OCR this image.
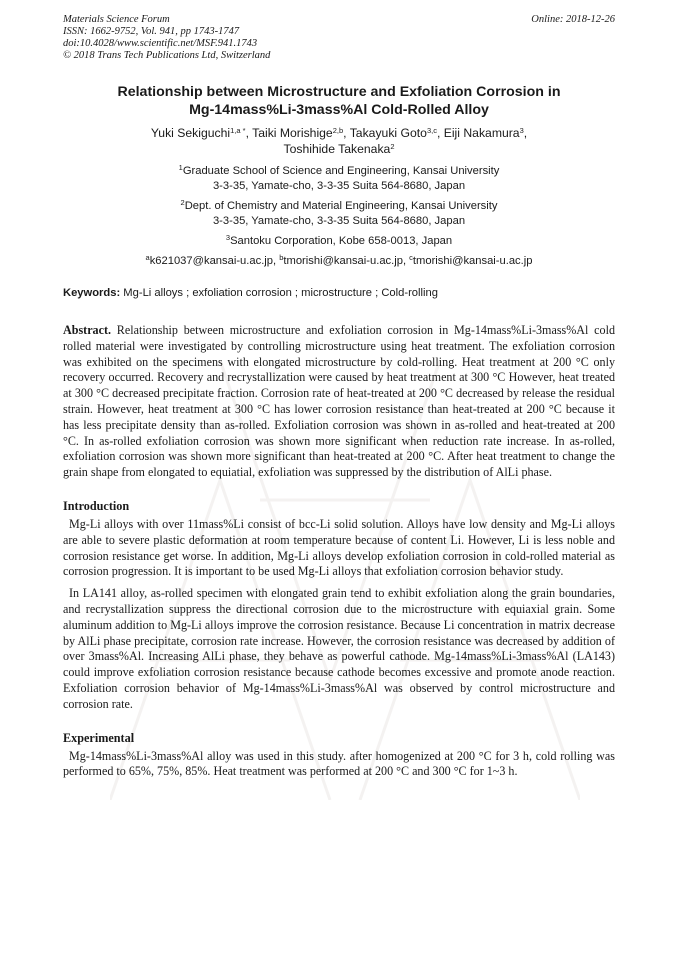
Materials Science Forum
ISSN: 1662-9752, Vol. 941, pp 1743-1747
doi:10.4028/www.scientific.net/MSF.941.1743
© 2018 Trans Tech Publications Ltd, Switzerland
Online: 2018-12-26
Relationship between Microstructure and Exfoliation Corrosion in
Mg-14mass%Li-3mass%Al Cold-Rolled Alloy
Yuki Sekiguchi$^{1,a *}$, Taiki Morishige$^{2,b}$, Takayuki Goto$^{3,c}$, Eiji Nakamura$^3$,
Toshihide Takenaka$^2$
$^1$Graduate School of Science and Engineering, Kansai University
3-3-35, Yamate-cho, 3-3-35 Suita 564-8680, Japan
$^2$Dept. of Chemistry and Material Engineering, Kansai University
3-3-35, Yamate-cho, 3-3-35 Suita 564-8680, Japan
$^3$Santoku Corporation, Kobe 658-0013, Japan
$^a$k621037@kansai-u.ac.jp, $^b$tmorishi@kansai-u.ac.jp, $^c$tmorishi@kansai-u.ac.jp
Keywords: Mg-Li alloys ; exfoliation corrosion ; microstructure ; Cold-rolling
Abstract. Relationship between microstructure and exfoliation corrosion in Mg-14mass%Li-3mass%Al cold rolled material were investigated by controlling microstructure using heat treatment. The exfoliation corrosion was exhibited on the specimens with elongated microstructure by cold-rolling. Heat treatment at 200 °C only recovery occurred. Recovery and recrystallization were caused by heat treatment at 300 °C However, heat treated at 300 °C decreased precipitate fraction. Corrosion rate of heat-treated at 200 °C decreased by release the residual strain. However, heat treatment at 300 °C has lower corrosion resistance than heat-treated at 200 °C because it has less precipitate density than as-rolled. Exfoliation corrosion was shown in as-rolled and heat-treated at 200 °C. In as-rolled exfoliation corrosion was shown more significant when reduction rate increase. In as-rolled, exfoliation corrosion was shown more significant than heat-treated at 200 °C. After heat treatment to change the grain shape from elongated to equiatial, exfoliation was suppressed by the distribution of AlLi phase.
Introduction
Mg-Li alloys with over 11mass%Li consist of bcc-Li solid solution. Alloys have low density and Mg-Li alloys are able to severe plastic deformation at room temperature because of content Li. However, Li is less noble and corrosion resistance get worse. In addition, Mg-Li alloys develop exfoliation corrosion in cold-rolled material as corrosion progression. It is important to be used Mg-Li alloys that exfoliation corrosion behavior study.
In LA141 alloy, as-rolled specimen with elongated grain tend to exhibit exfoliation along the grain boundaries, and recrystallization suppress the directional corrosion due to the microstructure with equiaxial grain. Some aluminum addition to Mg-Li alloys improve the corrosion resistance. Because Li concentration in matrix decrease by AlLi phase precipitate, corrosion rate increase. However, the corrosion resistance was decreased by addition of over 3mass%Al. Increasing AlLi phase, they behave as powerful cathode. Mg-14mass%Li-3mass%Al (LA143) could improve exfoliation corrosion resistance because cathode becomes excessive and promote anode reaction. Exfoliation corrosion behavior of Mg-14mass%Li-3mass%Al was observed by control microstructure and corrosion rate.
Experimental
Mg-14mass%Li-3mass%Al alloy was used in this study. after homogenized at 200 °C for 3 h, cold rolling was performed to 65%, 75%, 85%. Heat treatment was performed at 200 °C and 300 °C for 1~3 h.
